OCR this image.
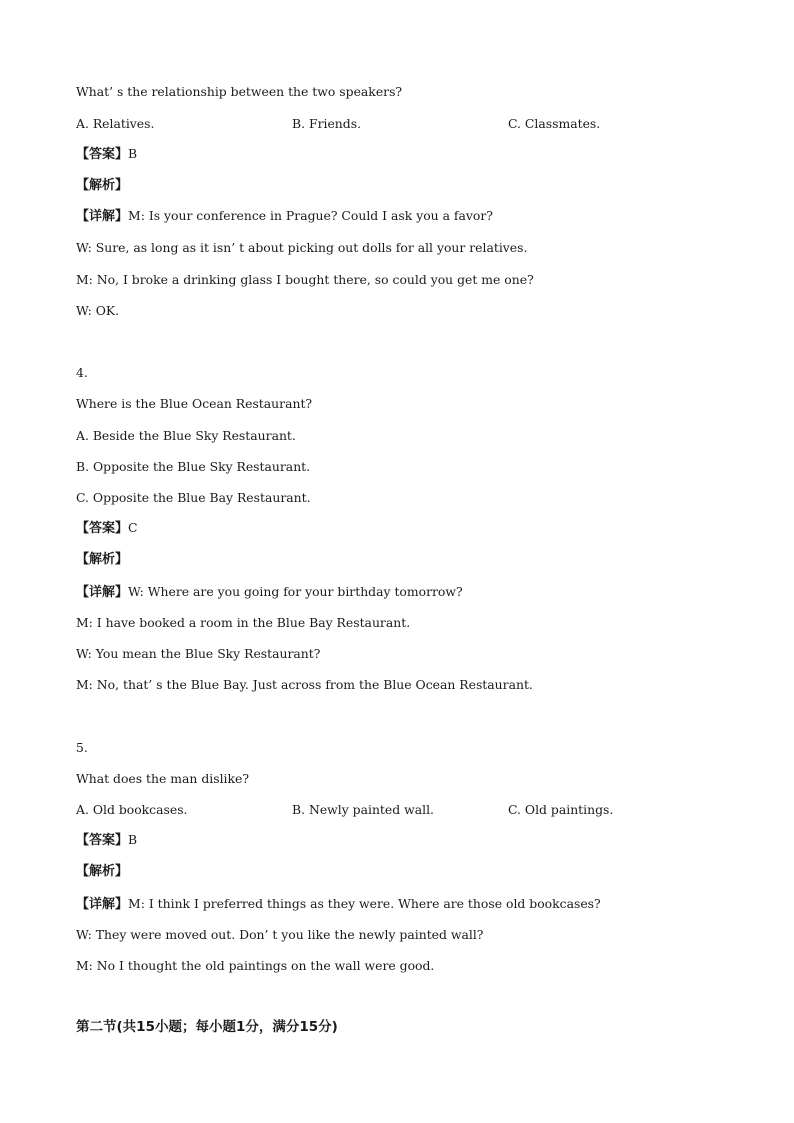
What’ s the relationship between the two speakers?
A. Relatives.	B. Friends.	C. Classmates.
【答案】B
【解析】
【详解】M: Is your conference in Prague? Could I ask you a favor?
W: Sure, as long as it isn’ t about picking out dolls for all your relatives.
M: No, I broke a drinking glass I bought there, so could you get me one?
W: OK.
4.
Where is the Blue Ocean Restaurant?
A. Beside the Blue Sky Restaurant.
B. Opposite the Blue Sky Restaurant.
C. Opposite the Blue Bay Restaurant.
【答案】C
【解析】
【详解】W: Where are you going for your birthday tomorrow?
M: I have booked a room in the Blue Bay Restaurant.
W: You mean the Blue Sky Restaurant?
M: No, that’ s the Blue Bay. Just across from the Blue Ocean Restaurant.
5.
What does the man dislike?
A. Old bookcases.	B. Newly painted wall.	C. Old paintings.
【答案】B
【解析】
【详解】M: I think I preferred things as they were. Where are those old bookcases?
W: They were moved out. Don’ t you like the newly painted wall?
M: No I thought the old paintings on the wall were good.
第二节(共15小题；每小题1分，满分15分)
